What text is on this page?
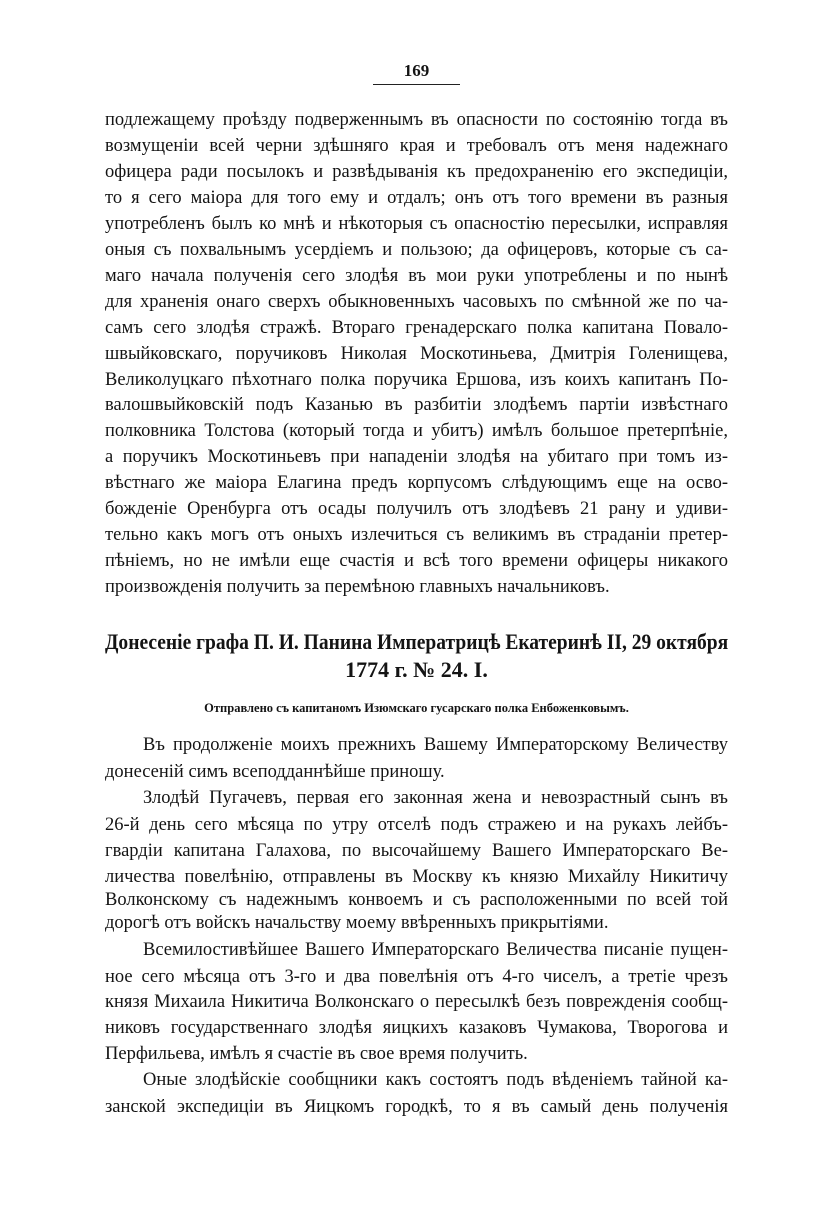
169
Донесеніе графа П. И. Панина Императрицѣ Екатеринѣ II, 29 октября
1774 г. № 24. I.
Отправлено съ капитаномъ Изюмскаго гусарскаго полка Енбоженковымъ.
подлежащему проѣзду подверженнымъ въ опасности по состоянію тогда въ
возмущеніи всей черни здѣшняго края и требовалъ отъ меня надежнаго
офицера ради посылокъ и развѣдыванія къ предохраненію его экспедиціи,
то я сего маіора для того ему и отдалъ; онъ отъ того времени въ разныя
употребленъ былъ ко мнѣ и нѣкоторыя съ опасностію пересылки, исправляя
оныя съ похвальнымъ усердіемъ и пользою; да офицеровъ, которые съ са-
маго начала полученія сего злодѣя въ мои руки употреблены и по нынѣ
для храненія онаго сверхъ обыкновенныхъ часовыхъ по смѣнной же по ча-
самъ сего злодѣя стражѣ. Втораго гренадерскаго полка капитана Повало-
швыйковскаго, поручиковъ Николая Москотиньева, Дмитрія Голенищева,
Великолуцкаго пѣхотнаго полка поручика Ершова, изъ коихъ капитанъ По-
валошвыйковскій подъ Казанью въ разбитіи злодѣемъ партіи извѣстнаго
полковника Толстова (который тогда и убитъ) имѣлъ большое претерпѣніе,
а поручикъ Москотиньевъ при нападеніи злодѣя на убитаго при томъ из-
вѣстнаго же маіора Елагина предъ корпусомъ слѣдующимъ еще на осво-
божденіе Оренбурга отъ осады получилъ отъ злодѣевъ 21 рану и удиви-
тельно какъ могъ отъ оныхъ излечиться съ великимъ въ страданіи претер-
пѣніемъ, но не имѣли еще счастія и всѣ того времени офицеры никакого
произвожденія получить за перемѣною главныхъ начальниковъ.
Въ продолженіе моихъ прежнихъ Вашему Императорскому Величеству
донесеній симъ всеподданнѣйше приношу.
Злодѣй Пугачевъ, первая его законная жена и невозрастный сынъ въ
26-й день сего мѣсяца по утру отселѣ подъ стражею и на рукахъ лейбъ-
гвардіи капитана Галахова, по высочайшему Вашего Императорскаго Ве-
личества повелѣнію, отправлены въ Москву къ князю Михайлу Никитичу
Волконскому съ надежнымъ конвоемъ и съ расположенными по всей той
дорогѣ отъ войскъ начальству моему ввѣренныхъ прикрытіями.
Всемилостивѣйшее Вашего Императорскаго Величества писаніе пущен-
ное сего мѣсяца отъ 3-го и два повелѣнія отъ 4-го чиселъ, а третіе чрезъ
князя Михаила Никитича Волконскаго о пересылкѣ безъ поврежденія сообщ-
никовъ государственнаго злодѣя яицкихъ казаковъ Чумакова, Творогова и
Перфильева, имѣлъ я счастіе въ свое время получить.
Оные злодѣйскіе сообщники какъ состоятъ подъ вѣденіемъ тайной ка-
занской экспедиціи въ Яицкомъ городкѣ, то я въ самый день полученія
